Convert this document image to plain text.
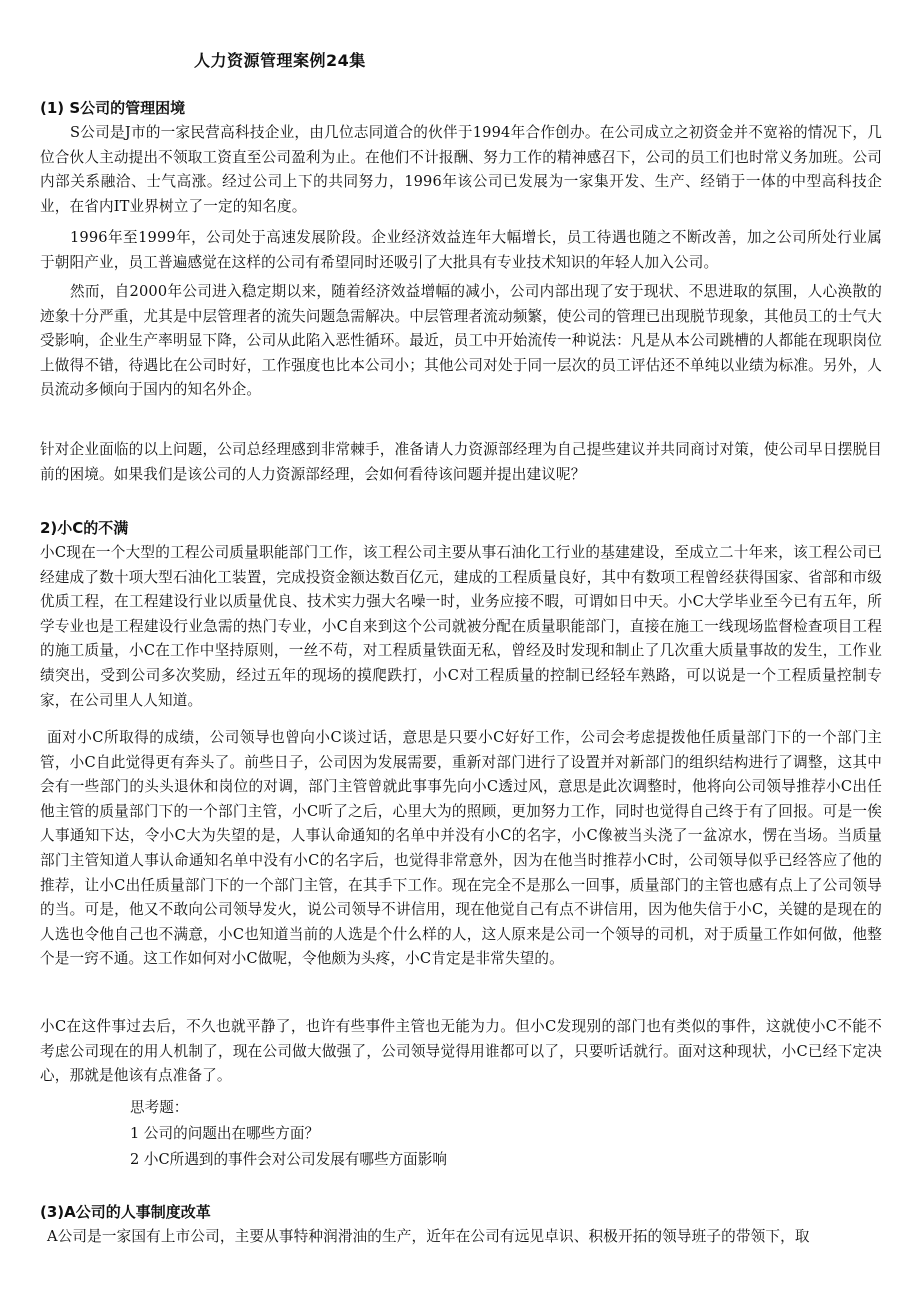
人力资源管理案例24集
(1) S公司的管理困境
S公司是J市的一家民营高科技企业，由几位志同道合的伙伴于1994年合作创办。在公司成立之初资金并不宽裕的情况下，几位合伙人主动提出不领取工资直至公司盈利为止。在他们不计报酬、努力工作的精神感召下，公司的员工们也时常义务加班。公司内部关系融洽、士气高涨。经过公司上下的共同努力，1996年该公司已发展为一家集开发、生产、经销于一体的中型高科技企业，在省内IT业界树立了一定的知名度。
1996年至1999年，公司处于高速发展阶段。企业经济效益连年大幅增长，员工待遇也随之不断改善，加之公司所处行业属于朝阳产业，员工普遍感觉在这样的公司有希望同时还吸引了大批具有专业技术知识的年轻人加入公司。
然而，自2000年公司进入稳定期以来，随着经济效益增幅的减小，公司内部出现了安于现状、不思进取的氛围，人心涣散的迹象十分严重，尤其是中层管理者的流失问题急需解决。中层管理者流动频繁，使公司的管理已出现脱节现象，其他员工的士气大受影响，企业生产率明显下降，公司从此陷入恶性循环。最近，员工中开始流传一种说法：凡是从本公司跳槽的人都能在现职岗位上做得不错，待遇比在公司时好，工作强度也比本公司小；其他公司对处于同一层次的员工评估还不单纯以业绩为标准。另外，人员流动多倾向于国内的知名外企。
针对企业面临的以上问题，公司总经理感到非常棘手，准备请人力资源部经理为自己提些建议并共同商讨对策，使公司早日摆脱目前的困境。如果我们是该公司的人力资源部经理，会如何看待该问题并提出建议呢？
2)小C的不满
小C现在一个大型的工程公司质量职能部门工作，该工程公司主要从事石油化工行业的基建建设，至成立二十年来，该工程公司已经建成了数十项大型石油化工装置，完成投资金额达数百亿元，建成的工程质量良好，其中有数项工程曾经获得国家、省部和市级优质工程，在工程建设行业以质量优良、技术实力强大名噪一时，业务应接不暇，可谓如日中天。小C大学毕业至今已有五年，所学专业也是工程建设行业急需的热门专业，小C自来到这个公司就被分配在质量职能部门，直接在施工一线现场监督检查项目工程的施工质量，小C在工作中坚持原则，一丝不苟，对工程质量铁面无私，曾经及时发现和制止了几次重大质量事故的发生，工作业绩突出，受到公司多次奖励，经过五年的现场的摸爬跌打，小C对工程质量的控制已经轻车熟路，可以说是一个工程质量控制专家，在公司里人人知道。
面对小C所取得的成绩，公司领导也曾向小C谈过话，意思是只要小C好好工作，公司会考虑提拨他任质量部门下的一个部门主管，小C自此觉得更有奔头了。前些日子，公司因为发展需要，重新对部门进行了设置并对新部门的组织结构进行了调整，这其中会有一些部门的头头退休和岗位的对调，部门主管曾就此事事先向小C透过风，意思是此次调整时，他将向公司领导推荐小C出任他主管的质量部门下的一个部门主管，小C听了之后，心里大为的照顾，更加努力工作，同时也觉得自己终于有了回报。可是一俟人事通知下达，令小C大为失望的是，人事认命通知的名单中并没有小C的名字，小C像被当头浇了一盆凉水，愣在当场。当质量部门主管知道人事认命通知名单中没有小C的名字后，也觉得非常意外，因为在他当时推荐小C时，公司领导似乎已经答应了他的推荐，让小C出任质量部门下的一个部门主管，在其手下工作。现在完全不是那么一回事，质量部门的主管也感有点上了公司领导的当。可是，他又不敢向公司领导发火，说公司领导不讲信用，现在他觉自己有点不讲信用，因为他失信于小C，关键的是现在的人选也令他自己也不满意，小C也知道当前的人选是个什么样的人，这人原来是公司一个领导的司机，对于质量工作如何做，他整个是一窍不通。这工作如何对小C做呢，令他颇为头疼，小C肯定是非常失望的。
小C在这件事过去后，不久也就平静了，也许有些事件主管也无能为力。但小C发现别的部门也有类似的事件，这就使小C不能不考虑公司现在的用人机制了，现在公司做大做强了，公司领导觉得用谁都可以了，只要听话就行。面对这种现状，小C已经下定决心，那就是他该有点准备了。
思考题：
1 公司的问题出在哪些方面？
2 小C所遇到的事件会对公司发展有哪些方面影响
(3)A公司的人事制度改革
A公司是一家国有上市公司，主要从事特种润滑油的生产，近年在公司有远见卓识、积极开拓的领导班子的带领下，取
